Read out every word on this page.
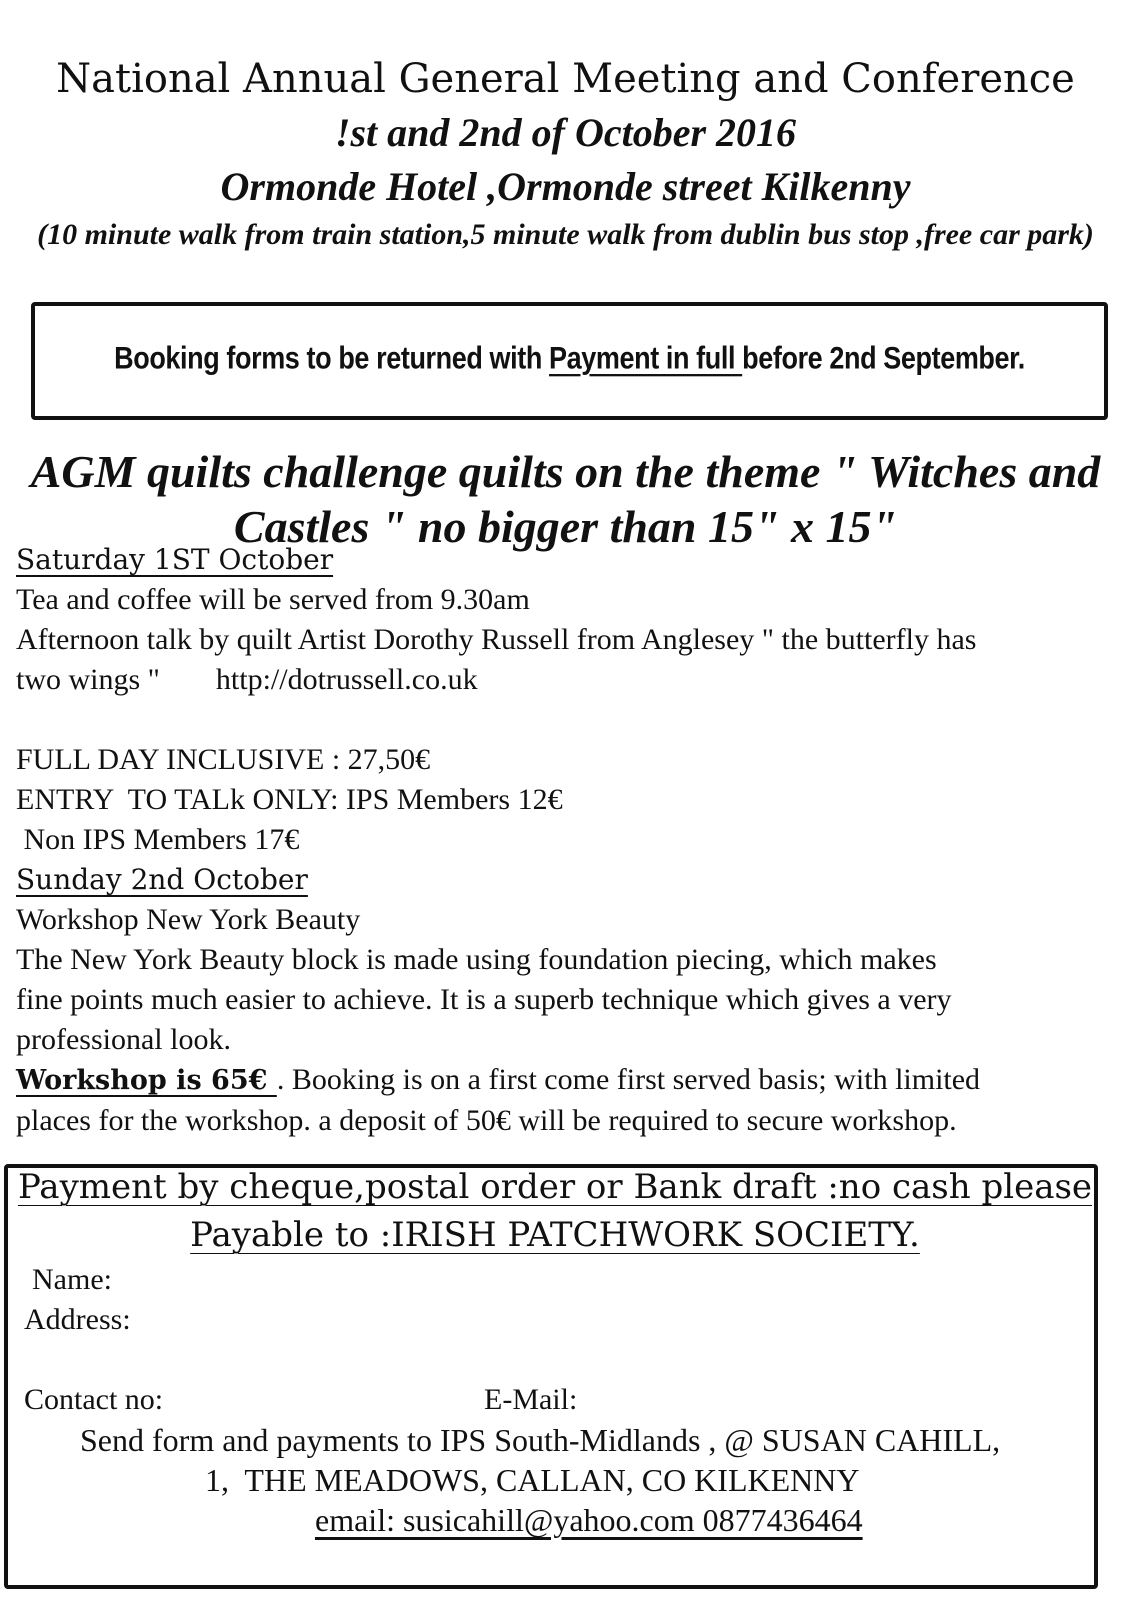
National Annual General Meeting and Conference
!st and 2nd of October 2016
Ormonde Hotel ,Ormonde street Kilkenny
(10 minute walk from train station,5 minute walk from dublin bus stop ,free car park)
Booking forms to be returned with Payment in full before 2nd September.
AGM quilts challenge quilts on the theme " Witches and Castles " no bigger than 15" x 15"
Saturday 1ST October
Tea and coffee will be served from 9.30am
Afternoon talk by quilt Artist Dorothy Russell from Anglesey " the butterfly has
two wings " http://dotrussell.co.uk

FULL DAY INCLUSIVE : 27,50€
ENTRY  TO TALk ONLY: IPS Members 12€
Non IPS Members 17€
Sunday 2nd October
Workshop New York Beauty
The New York Beauty block is made using foundation piecing, which makes
fine points much easier to achieve. It is a superb technique which gives a very
professional look.
Workshop is 65€ . Booking is on a first come first served basis; with limited
places for the workshop. a deposit of 50€ will be required to secure workshop.
Payment by cheque,postal order or Bank draft :no cash please
Payable to :IRISH PATCHWORK SOCIETY.
Name:
Address:
Contact no:	E-Mail:
Send form and payments to IPS South-Midlands , @ SUSAN CAHILL,
1,  THE MEADOWS, CALLAN, CO KILKENNY
email: susicahill@yahoo.com 0877436464
